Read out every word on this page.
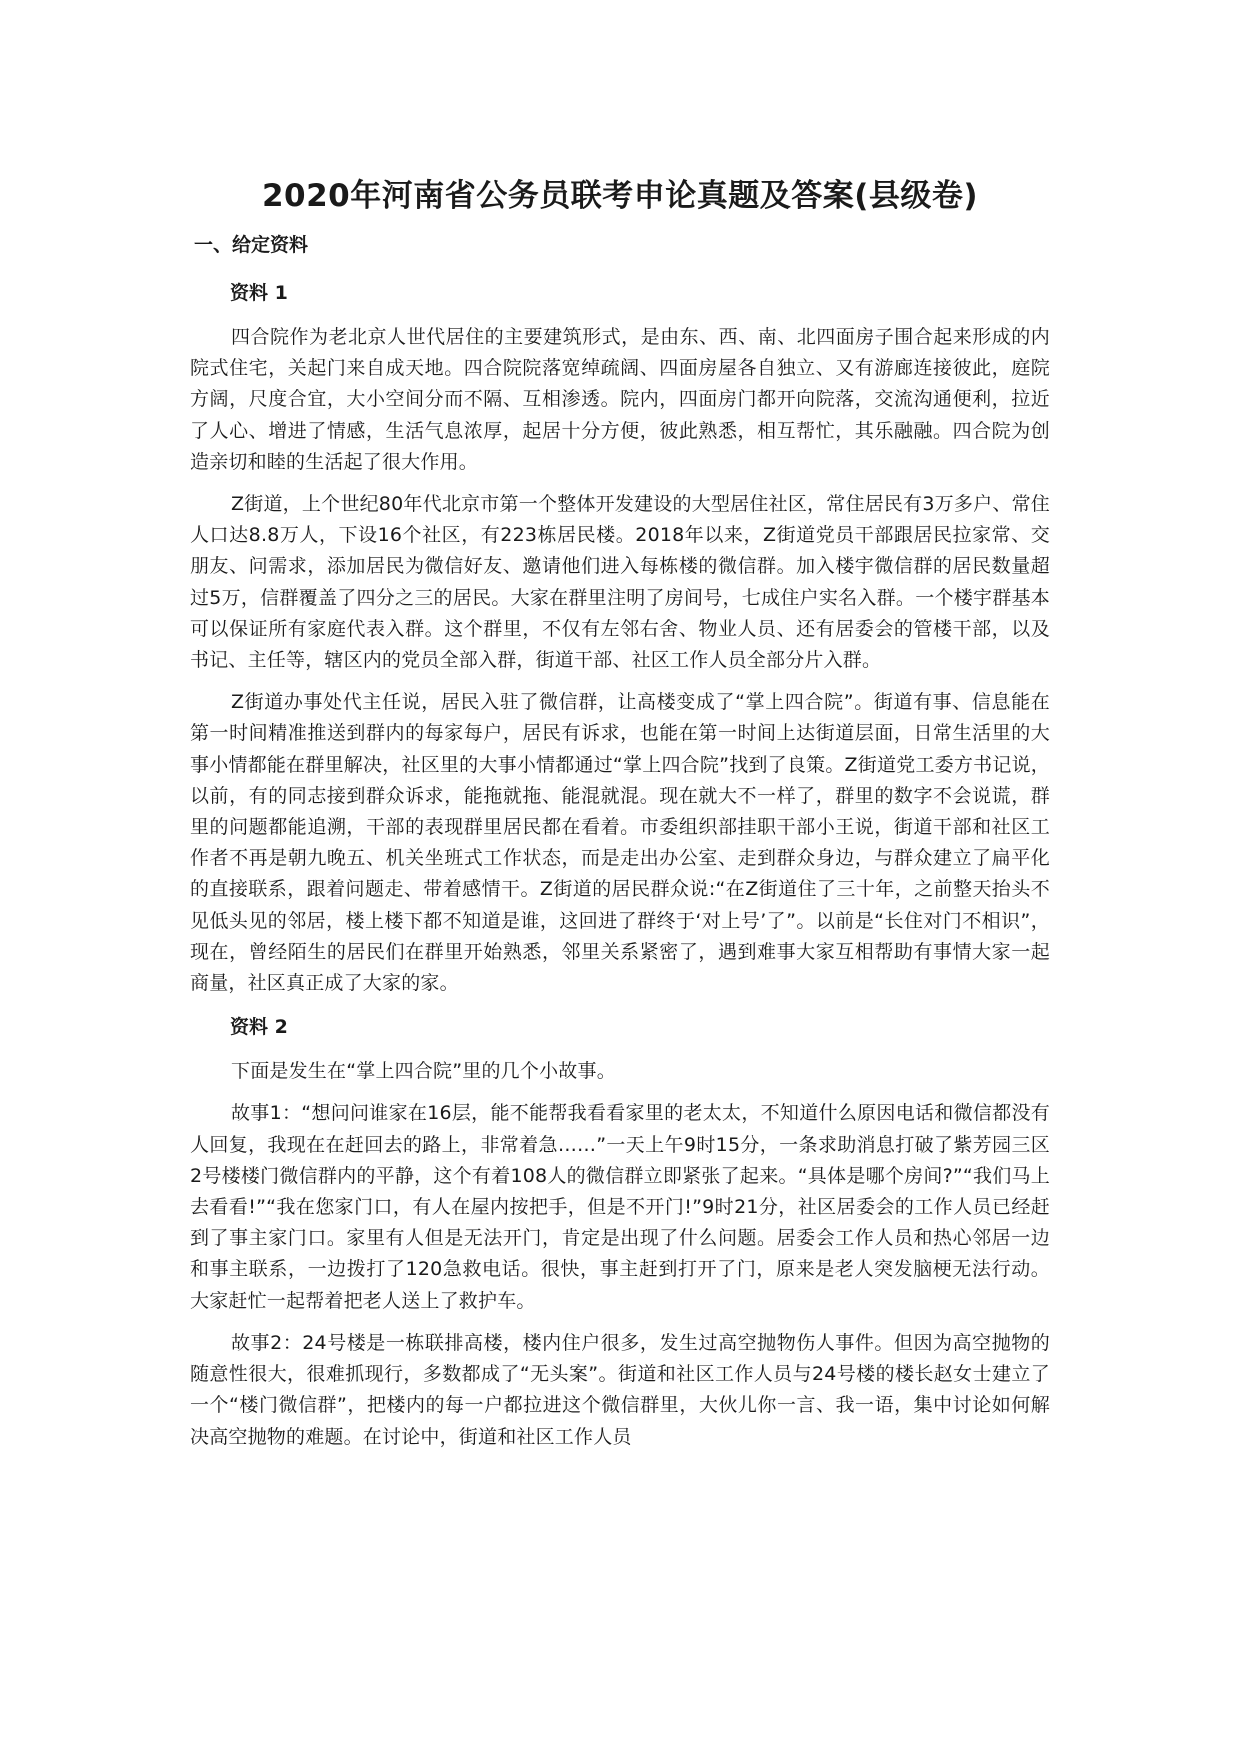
2020年河南省公务员联考申论真题及答案(县级卷)
一、给定资料
资料 1

四合院作为老北京人世代居住的主要建筑形式，是由东、西、南、北四面房子围合起来形成的内院式住宅，关起门来自成天地。四合院院落宽绰疏阔、四面房屋各自独立、又有游廊连接彼此，庭院方阔，尺度合宜，大小空间分而不隔、互相渗透。院内，四面房门都开向院落，交流沟通便利，拉近了人心、增进了情感，生活气息浓厚，起居十分方便，彼此熟悉，相互帮忙，其乐融融。四合院为创造亲切和睦的生活起了很大作用。

Z街道，上个世纪80年代北京市第一个整体开发建设的大型居住社区，常住居民有3万多户、常住人口达8.8万人，下设16个社区，有223栋居民楼。2018年以来，Z街道党员干部跟居民拉家常、交朋友、问需求，添加居民为微信好友、邀请他们进入每栋楼的微信群。加入楼宇微信群的居民数量超过5万，信群覆盖了四分之三的居民。大家在群里注明了房间号，七成住户实名入群。一个楼宇群基本可以保证所有家庭代表入群。这个群里，不仅有左邻右舍、物业人员、还有居委会的管楼干部，以及书记、主任等，辖区内的党员全部入群，街道干部、社区工作人员全部分片入群。

Z街道办事处代主任说，居民入驻了微信群，让高楼变成了“掌上四合院”。街道有事、信息能在第一时间精准推送到群内的每家每户，居民有诉求，也能在第一时间上达街道层面，日常生活里的大事小情都能在群里解决，社区里的大事小情都通过“掌上四合院”找到了良策。Z街道党工委方书记说，以前，有的同志接到群众诉求，能拖就拖、能混就混。现在就大不一样了，群里的数字不会说谎，群里的问题都能追溯，干部的表现群里居民都在看着。市委组织部挂职干部小王说，街道干部和社区工作者不再是朝九晚五、机关坐班式工作状态，而是走出办公室、走到群众身边，与群众建立了扁平化的直接联系，跟着问题走、带着感情干。Z街道的居民群众说:“在Z街道住了三十年，之前整天抬头不见低头见的邻居，楼上楼下都不知道是谁，这回进了群终于‘对上号’了”。以前是“长住对门不相识”，现在，曾经陌生的居民们在群里开始熟悉，邻里关系紧密了，遇到难事大家互相帮助有事情大家一起商量，社区真正成了大家的家。

资料 2

下面是发生在“掌上四合院”里的几个小故事。

故事1：“想问问谁家在16层，能不能帮我看看家里的老太太，不知道什么原因电话和微信都没有人回复，我现在在赶回去的路上，非常着急……”一天上午9时15分，一条求助消息打破了紫芳园三区2号楼楼门微信群内的平静，这个有着108人的微信群立即紧张了起来。“具体是哪个房间?”“我们马上去看看!”“我在您家门口，有人在屋内按把手，但是不开门!”9时21分，社区居委会的工作人员已经赶到了事主家门口。家里有人但是无法开门，肯定是出现了什么问题。居委会工作人员和热心邻居一边和事主联系，一边拨打了120急救电话。很快，事主赶到打开了门，原来是老人突发脑梗无法行动。大家赶忙一起帮着把老人送上了救护车。

故事2：24号楼是一栋联排高楼，楼内住户很多，发生过高空抛物伤人事件。但因为高空抛物的随意性很大，很难抓现行，多数都成了“无头案”。街道和社区工作人员与24号楼的楼长赵女士建立了一个“楼门微信群”，把楼内的每一户都拉进这个微信群里，大伙儿你一言、我一语，集中讨论如何解决高空抛物的难题。在讨论中，街道和社区工作人员
